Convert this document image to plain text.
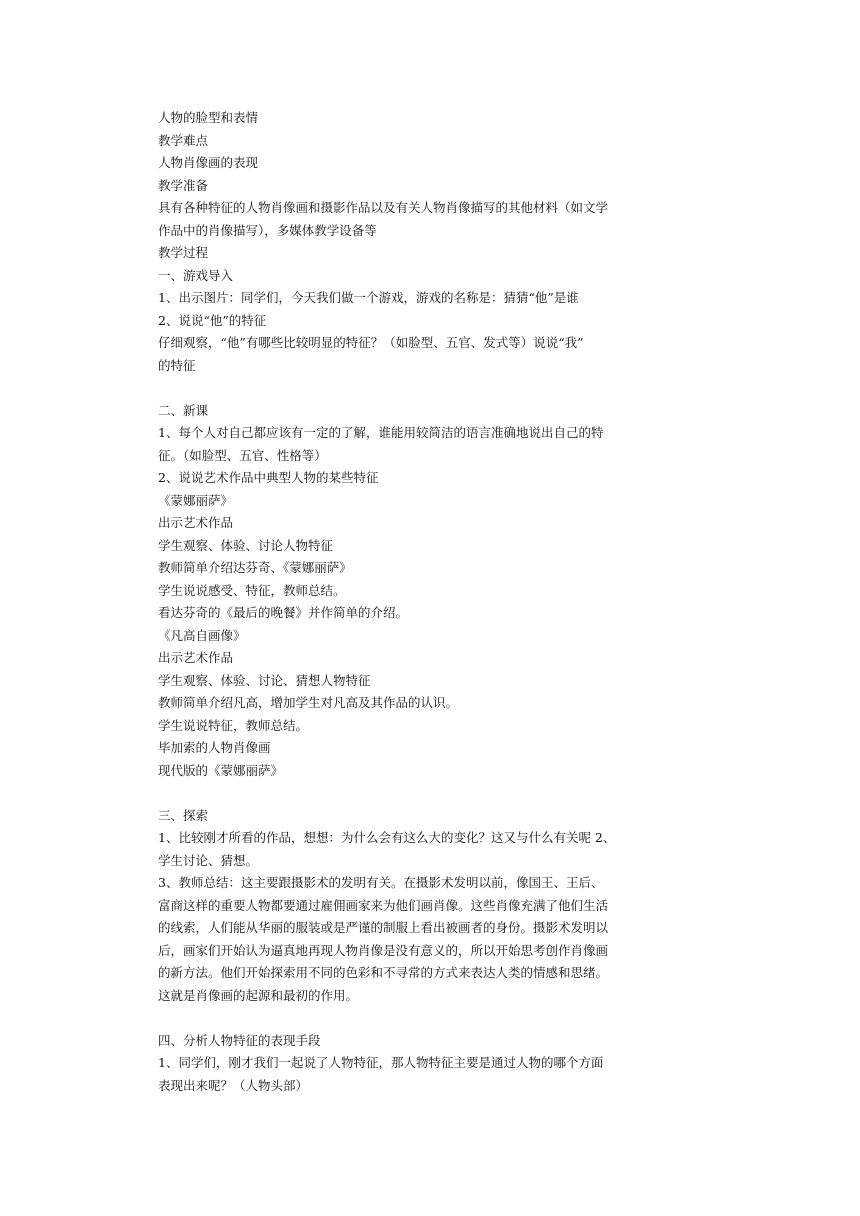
人物的脸型和表情
教学难点
人物肖像画的表现
教学准备
具有各种特征的人物肖像画和摄影作品以及有关人物肖像描写的其他材料（如文学
作品中的肖像描写），多媒体教学设备等
教学过程
一、游戏导入
1、出示图片：同学们，今天我们做一个游戏，游戏的名称是：猜猜“他”是谁
2、说说“他”的特征
仔细观察，“他”有哪些比较明显的特征？（如脸型、五官、发式等）说说“我”
的特征
二、新课
1、每个人对自己都应该有一定的了解，谁能用较简洁的语言准确地说出自己的特
征。（如脸型、五官、性格等）
2、说说艺术作品中典型人物的某些特征
《蒙娜丽萨》
出示艺术作品
学生观察、体验、讨论人物特征
教师简单介绍达芬奇、《蒙娜丽萨》
学生说说感受、特征，教师总结。
看达芬奇的《最后的晚餐》并作简单的介绍。
《凡高自画像》
出示艺术作品
学生观察、体验、讨论、猜想人物特征
教师简单介绍凡高，增加学生对凡高及其作品的认识。
学生说说特征，教师总结。
毕加索的人物肖像画
现代版的《蒙娜丽萨》
三、探索
1、比较刚才所看的作品，想想：为什么会有这么大的变化？这又与什么有关呢 2、
学生讨论、猜想。
3、教师总结：这主要跟摄影术的发明有关。在摄影术发明以前，像国王、王后、
富商这样的重要人物都要通过雇佣画家来为他们画肖像。这些肖像充满了他们生活
的线索，人们能从华丽的服装或是严谨的制服上看出被画者的身份。摄影术发明以
后，画家们开始认为逼真地再现人物肖像是没有意义的，所以开始思考创作肖像画
的新方法。他们开始探索用不同的色彩和不寻常的方式来表达人类的情感和思绪。
这就是肖像画的起源和最初的作用。
四、分析人物特征的表现手段
1、同学们，刚才我们一起说了人物特征，那人物特征主要是通过人物的哪个方面
表现出来呢？（人物头部）
